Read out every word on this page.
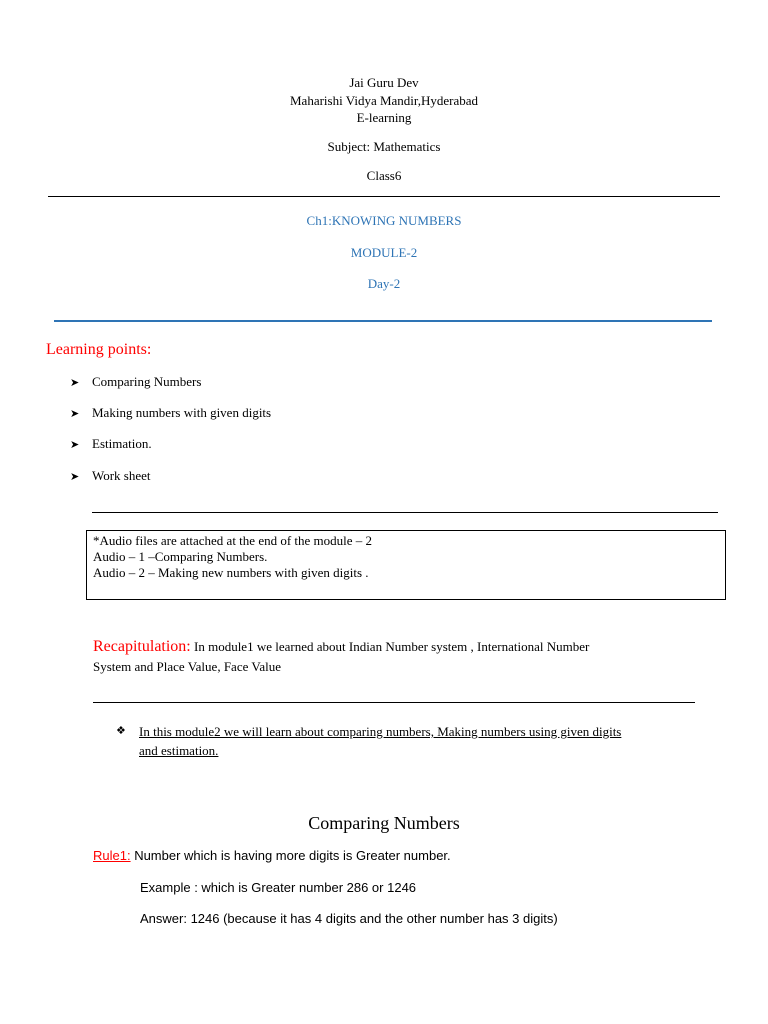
Jai Guru Dev
Maharishi Vidya Mandir,Hyderabad
E-learning
Subject: Mathematics
Class6
Ch1:KNOWING NUMBERS
MODULE-2
Day-2
Learning points:
➤ Comparing Numbers
➤ Making numbers with given digits
➤ Estimation.
➤ Work sheet
*Audio files are attached at the end of the module – 2
Audio – 1 –Comparing Numbers.
Audio – 2 – Making new numbers with given digits .
Recapitulation: In module1 we learned about Indian Number system , International Number
System and Place Value, Face Value
❖ In this module2 we will learn about comparing numbers, Making numbers using given digits
and estimation.
Comparing Numbers
Rule1: Number which is having more digits is Greater number.
Example : which is Greater number 286 or 1246
Answer: 1246 (because it has 4 digits and the other number has 3 digits)
